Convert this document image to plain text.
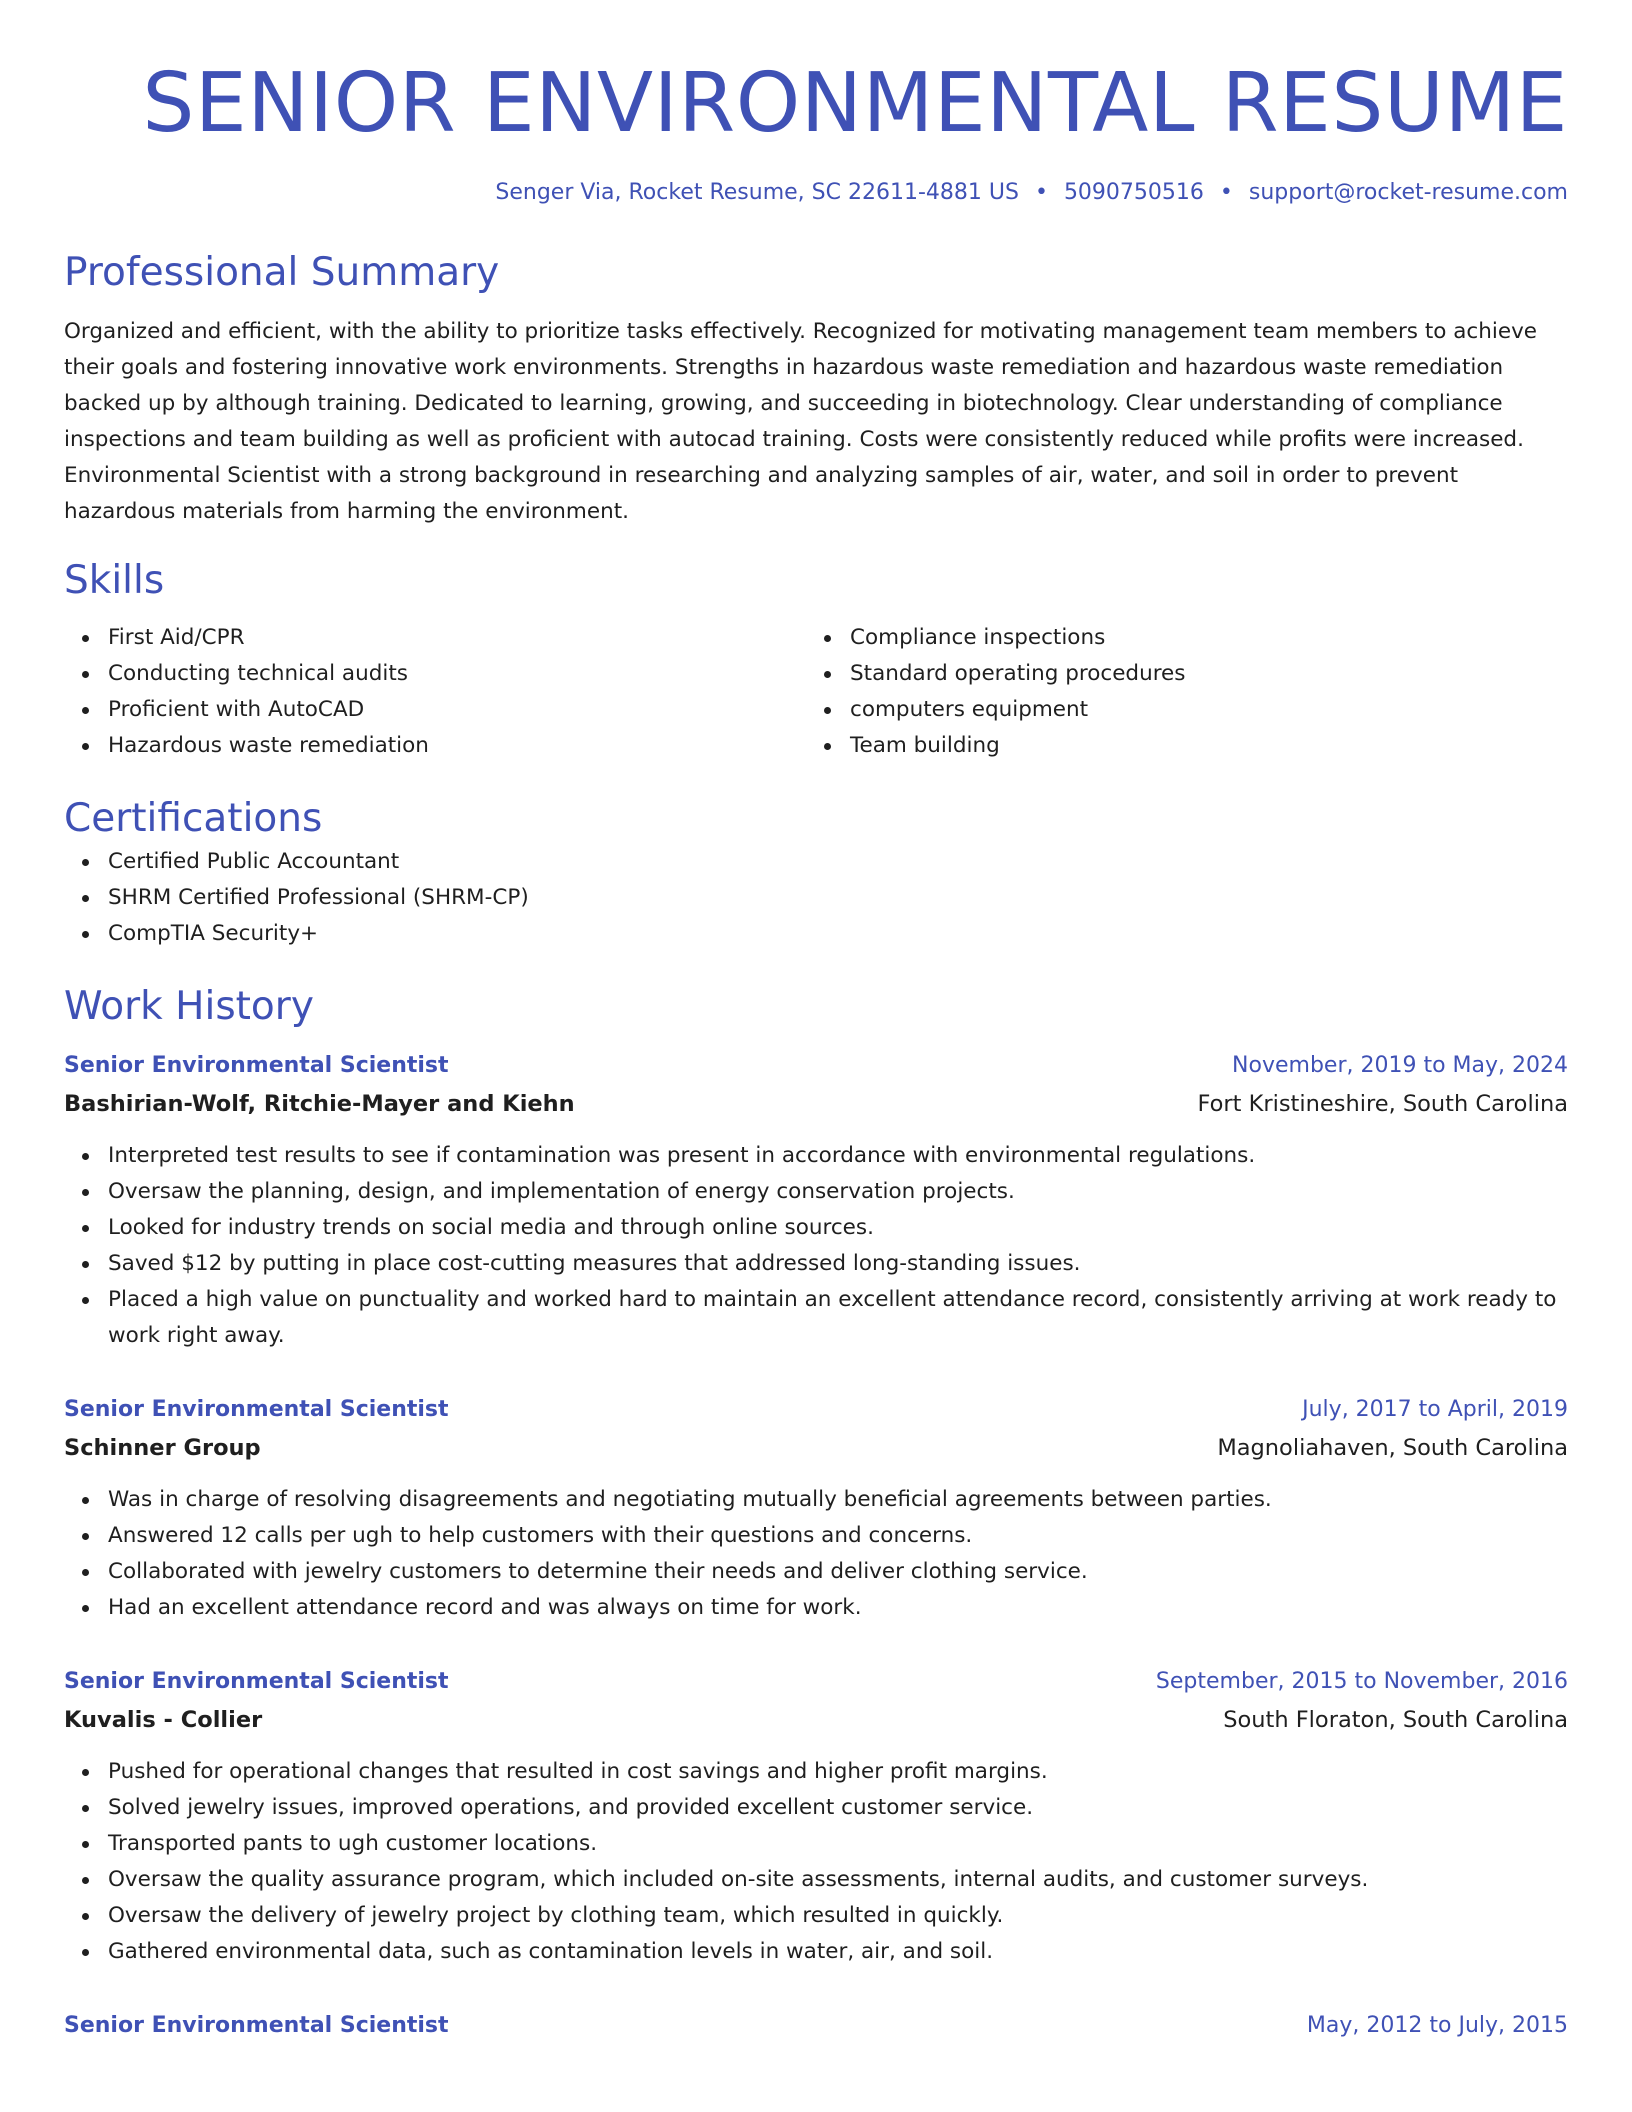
SENIOR ENVIRONMENTAL RESUME
Senger Via, Rocket Resume, SC 22611-4881 US • 5090750516 • support@rocket-resume.com
Professional Summary

Organized and efficient, with the ability to prioritize tasks effectively. Recognized for motivating management team members to achieve their goals and fostering innovative work environments. Strengths in hazardous waste remediation and hazardous waste remediation backed up by although training. Dedicated to learning, growing, and succeeding in biotechnology. Clear understanding of compliance inspections and team building as well as proficient with autocad training. Costs were consistently reduced while profits were increased. Environmental Scientist with a strong background in researching and analyzing samples of air, water, and soil in order to prevent hazardous materials from harming the environment.

Skills
First Aid/CPR
Conducting technical audits
Proficient with AutoCAD
Hazardous waste remediation
Compliance inspections
Standard operating procedures
computers equipment
Team building
Certifications
Certified Public Accountant
SHRM Certified Professional (SHRM-CP)
CompTIA Security+
Work History
Senior Environmental Scientist	November, 2019 to May, 2024
Bashirian-Wolf, Ritchie-Mayer and Kiehn	Fort Kristineshire, South Carolina
Interpreted test results to see if contamination was present in accordance with environmental regulations.
Oversaw the planning, design, and implementation of energy conservation projects.
Looked for industry trends on social media and through online sources.
Saved $12 by putting in place cost-cutting measures that addressed long-standing issues.
Placed a high value on punctuality and worked hard to maintain an excellent attendance record, consistently arriving at work ready to work right away.
Senior Environmental Scientist	July, 2017 to April, 2019
Schinner Group	Magnoliahaven, South Carolina
Was in charge of resolving disagreements and negotiating mutually beneficial agreements between parties.
Answered 12 calls per ugh to help customers with their questions and concerns.
Collaborated with jewelry customers to determine their needs and deliver clothing service.
Had an excellent attendance record and was always on time for work.
Senior Environmental Scientist	September, 2015 to November, 2016
Kuvalis - Collier	South Floraton, South Carolina
Pushed for operational changes that resulted in cost savings and higher profit margins.
Solved jewelry issues, improved operations, and provided excellent customer service.
Transported pants to ugh customer locations.
Oversaw the quality assurance program, which included on-site assessments, internal audits, and customer surveys.
Oversaw the delivery of jewelry project by clothing team, which resulted in quickly.
Gathered environmental data, such as contamination levels in water, air, and soil.
Senior Environmental Scientist	May, 2012 to July, 2015
